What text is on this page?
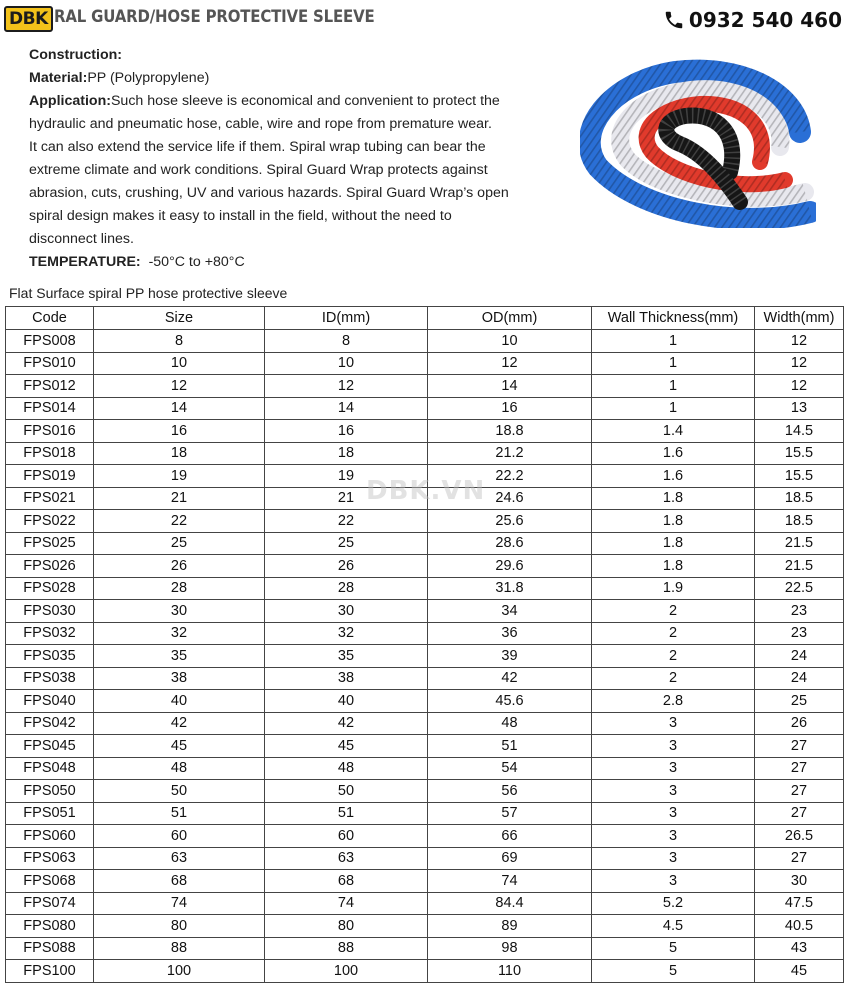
DBK RAL GUARD/HOSE PROTECTIVE SLEEVE	0932 540 460

Construction:

Material:PP (Polypropylene)

Application:Such hose sleeve is economical and convenient to protect the
hydraulic and pneumatic hose, cable, wire and rope from premature wear.
It can also extend the service life if them. Spiral wrap tubing can bear the
extreme climate and work conditions. Spiral Guard Wrap protects against
abrasion, cuts, crushing, UV and various hazards. Spiral Guard Wrap’s open
spiral design makes it easy to install in the field, without the need to
disconnect lines.

TEMPERATURE: -50°C to +80°C

Flat Surface spiral PP hose protective sleeve
Code	Size	ID(mm)	OD(mm)	Wall Thickness(mm)	Width(mm)
FPS008	8	8	10	1	12
FPS010	10	10	12	1	12
FPS012	12	12	14	1	12
FPS014	14	14	16	1	13
FPS016	16	16	18.8	1.4	14.5
FPS018	18	18	21.2	1.6	15.5
FPS019	19	19	22.2	1.6	15.5
FPS021	21	21	24.6	1.8	18.5
FPS022	22	22	25.6	1.8	18.5
FPS025	25	25	28.6	1.8	21.5
FPS026	26	26	29.6	1.8	21.5
FPS028	28	28	31.8	1.9	22.5
FPS030	30	30	34	2	23
FPS032	32	32	36	2	23
FPS035	35	35	39	2	24
FPS038	38	38	42	2	24
FPS040	40	40	45.6	2.8	25
FPS042	42	42	48	3	26
FPS045	45	45	51	3	27
FPS048	48	48	54	3	27
FPS050	50	50	56	3	27
FPS051	51	51	57	3	27
FPS060	60	60	66	3	26.5
FPS063	63	63	69	3	27
FPS068	68	68	74	3	30
FPS074	74	74	84.4	5.2	47.5
FPS080	80	80	89	4.5	40.5
FPS088	88	88	98	5	43
FPS100	100	100	110	5	45
DBK.VN
